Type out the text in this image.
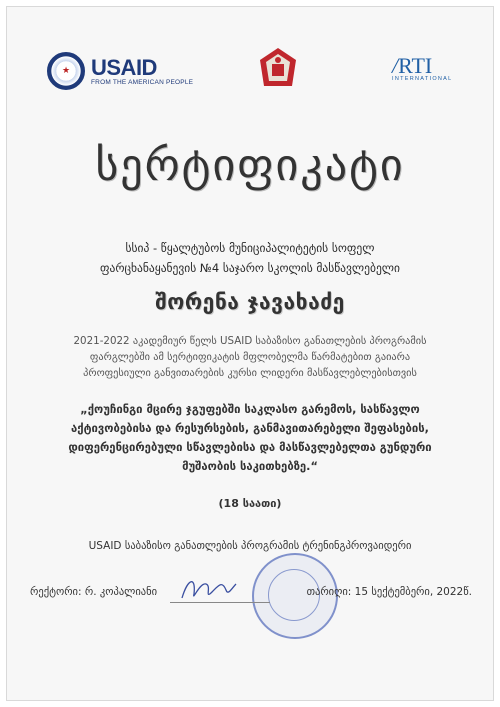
★ USAID
FROM THE AMERICAN PEOPLE
/RTI
INTERNATIONAL
სერტიფიკატი
სსიპ - წყალტუბოს მუნიციპალიტეტის სოფელ
ფარცხანაყანევის №4 საჯარო სკოლის მასწავლებელი
შორენა ჯავახაძე
2021-2022 აკადემიურ წელს USAID საბაზისო განათლების პროგრამის
ფარგლებში ამ სერტიფიკატის მფლობელმა წარმატებით გაიარა
პროფესიული განვითარების კურსი ლიდერი მასწავლებლებისთვის
„ქოუჩინგი მცირე ჯგუფებში საკლასო გარემოს, სასწავლო
აქტივობებისა და რესურსების, განმავითარებელი შეფასების,
დიფერენცირებული სწავლებისა და მასწავლებელთა გუნდური
მუშაობის საკითხებზე.“
(18 საათი)
USAID საბაზისო განათლების პროგრამის ტრენინგპროვაიდერი
რექტორი: რ. კოპალიანი	თარიღი: 15 სექტემბერი, 2022წ.
